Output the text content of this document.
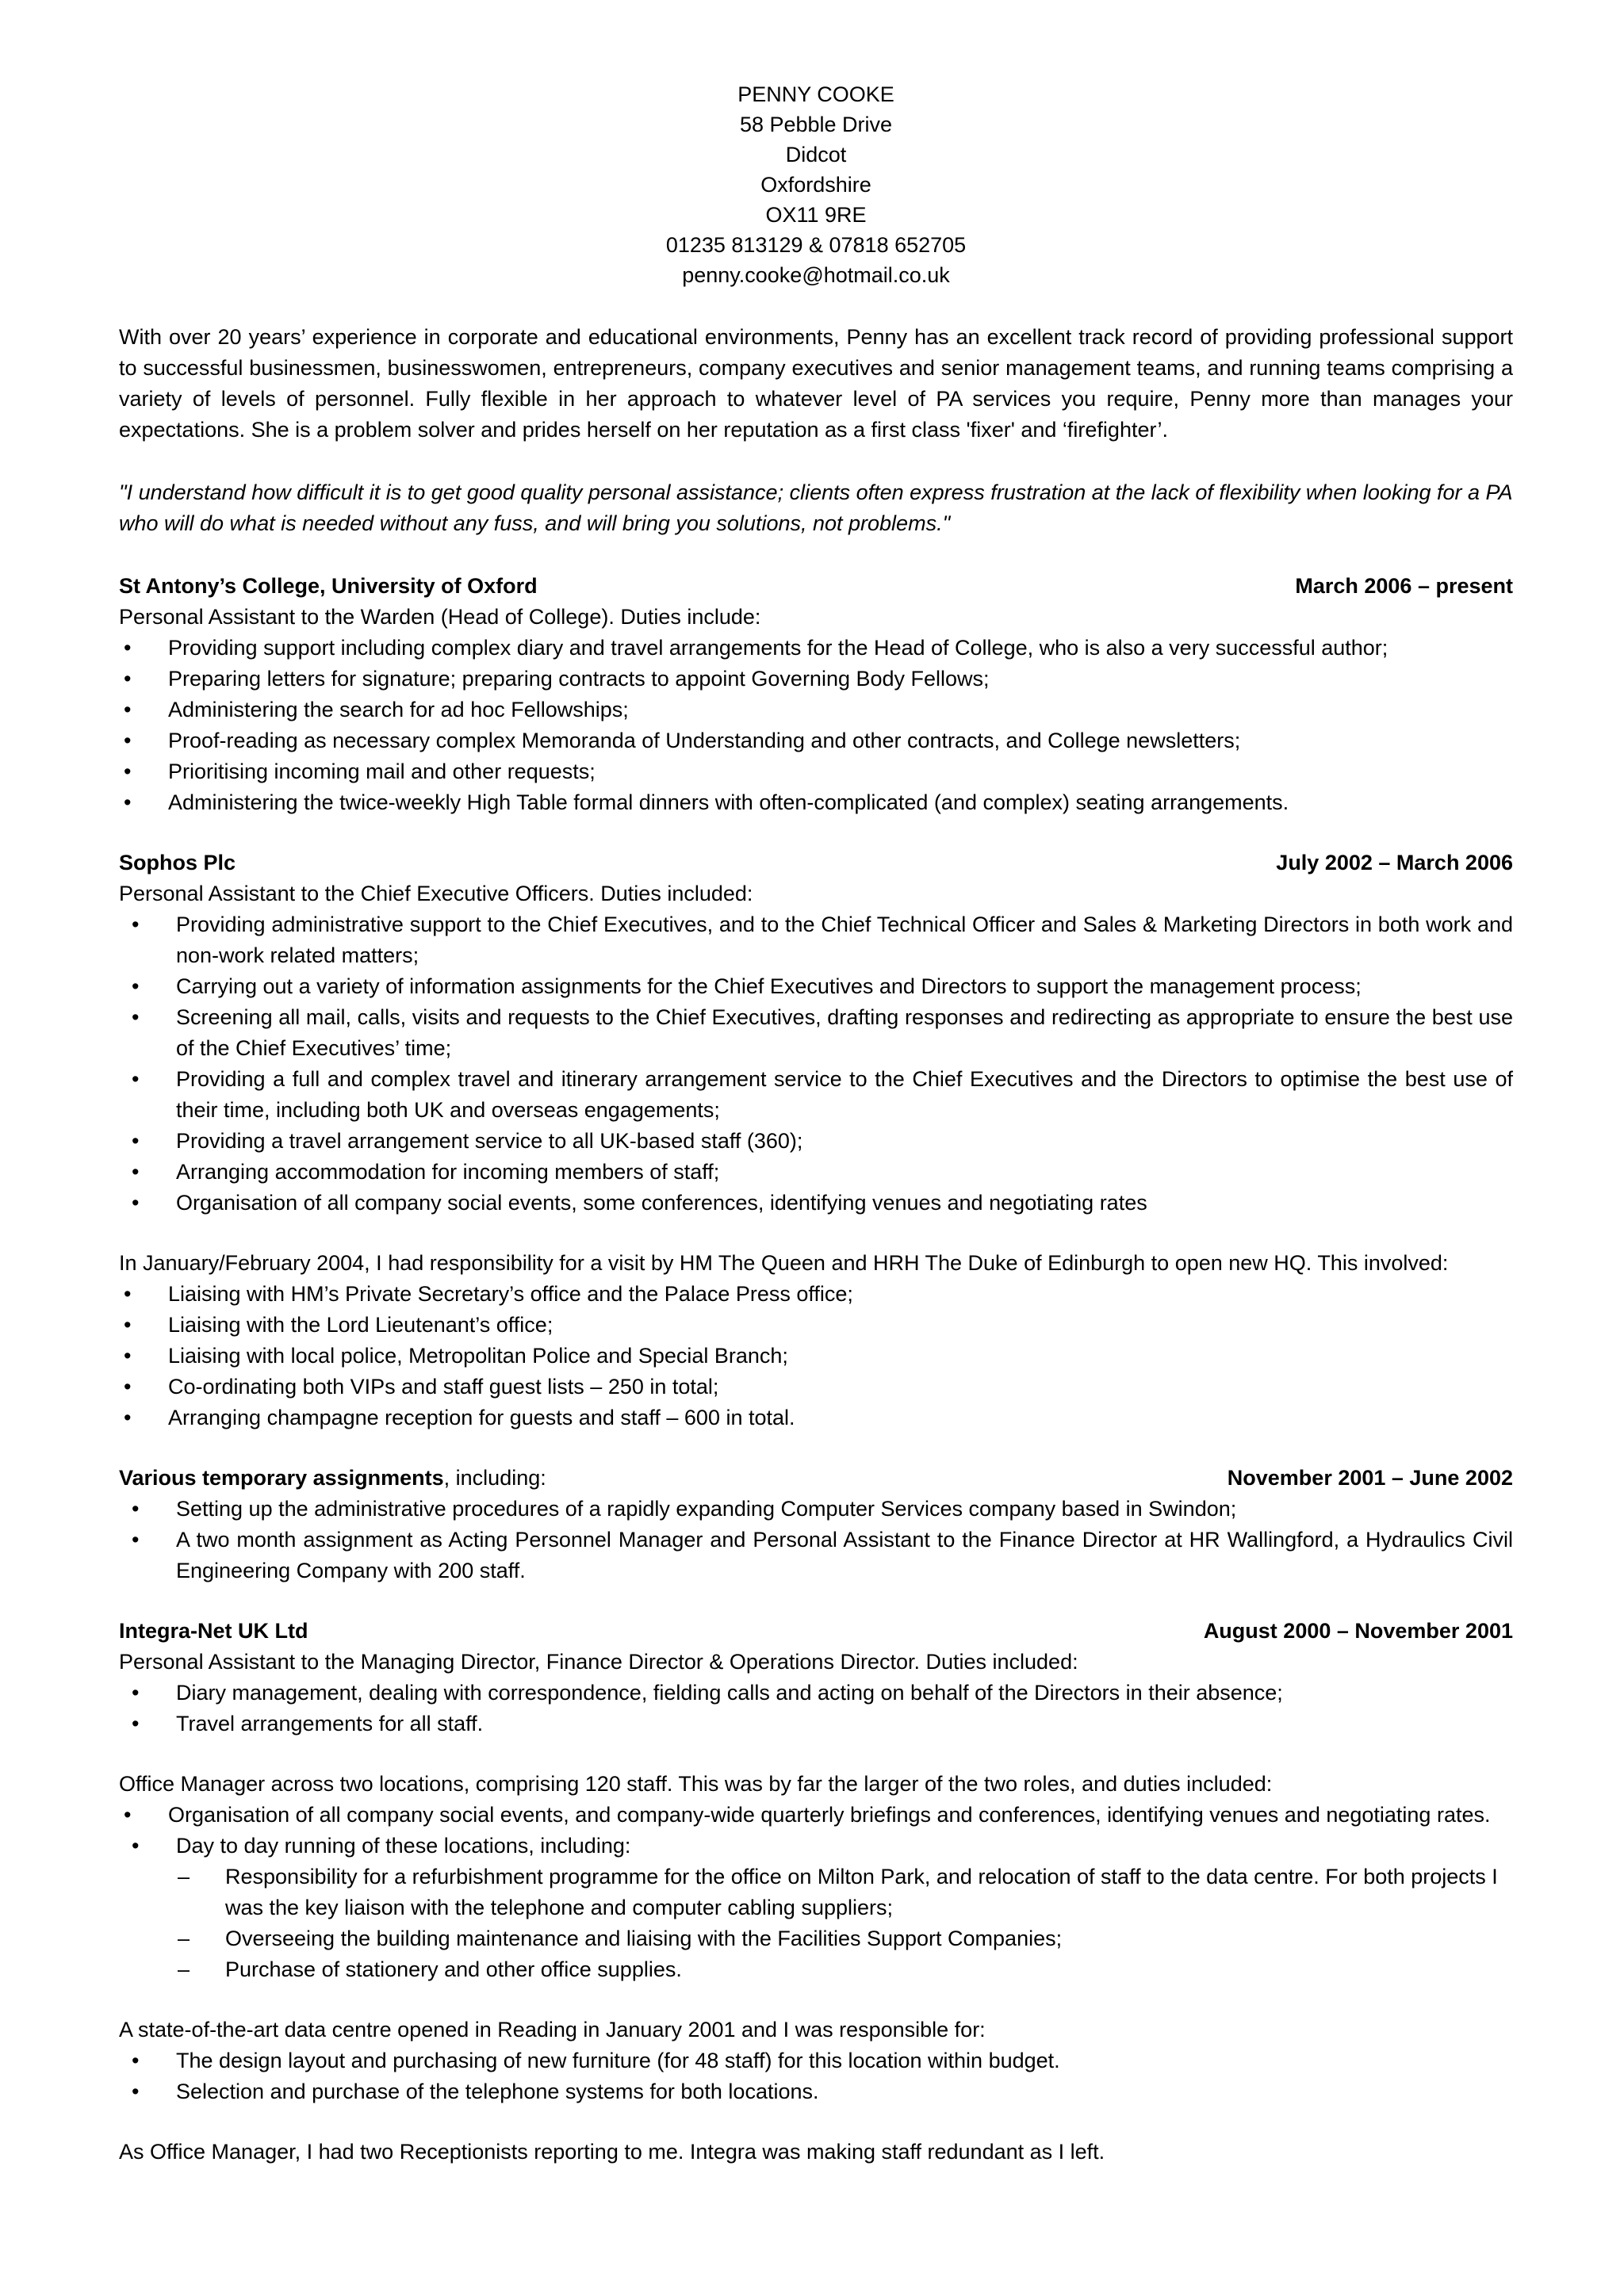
PENNY COOKE
58 Pebble Drive
Didcot
Oxfordshire
OX11 9RE
01235 813129 & 07818 652705
penny.cooke@hotmail.co.uk

With over 20 years’ experience in corporate and educational environments, Penny has an excellent track record of providing professional support to successful businessmen, businesswomen, entrepreneurs, company executives and senior management teams, and running teams comprising a variety of levels of personnel. Fully flexible in her approach to whatever level of PA services you require, Penny more than manages your expectations. She is a problem solver and prides herself on her reputation as a first class 'fixer' and ‘firefighter’.

"I understand how difficult it is to get good quality personal assistance; clients often express frustration at the lack of flexibility when looking for a PA who will do what is needed without any fuss, and will bring you solutions, not problems."

St Antony’s College, University of Oxford	March 2006 – present

Personal Assistant to the Warden (Head of College). Duties include:

• Providing support including complex diary and travel arrangements for the Head of College, who is also a very successful author;
• Preparing letters for signature; preparing contracts to appoint Governing Body Fellows;
• Administering the search for ad hoc Fellowships;
• Proof-reading as necessary complex Memoranda of Understanding and other contracts, and College newsletters;
• Prioritising incoming mail and other requests;
• Administering the twice-weekly High Table formal dinners with often-complicated (and complex) seating arrangements.
Sophos Plc	July 2002 – March 2006

Personal Assistant to the Chief Executive Officers. Duties included:

• Providing administrative support to the Chief Executives, and to the Chief Technical Officer and Sales & Marketing Directors in both work and non-work related matters;
• Carrying out a variety of information assignments for the Chief Executives and Directors to support the management process;
• Screening all mail, calls, visits and requests to the Chief Executives, drafting responses and redirecting as appropriate to ensure the best use of the Chief Executives’ time;
• Providing a full and complex travel and itinerary arrangement service to the Chief Executives and the Directors to optimise the best use of their time, including both UK and overseas engagements;
• Providing a travel arrangement service to all UK-based staff (360);
• Arranging accommodation for incoming members of staff;
• Organisation of all company social events, some conferences, identifying venues and negotiating rates

In January/February 2004, I had responsibility for a visit by HM The Queen and HRH The Duke of Edinburgh to open new HQ. This involved:

• Liaising with HM’s Private Secretary’s office and the Palace Press office;
• Liaising with the Lord Lieutenant’s office;
• Liaising with local police, Metropolitan Police and Special Branch;
• Co-ordinating both VIPs and staff guest lists – 250 in total;
• Arranging champagne reception for guests and staff – 600 in total.
Various temporary assignments, including:	November 2001 – June 2002
• Setting up the administrative procedures of a rapidly expanding Computer Services company based in Swindon;
• A two month assignment as Acting Personnel Manager and Personal Assistant to the Finance Director at HR Wallingford, a Hydraulics Civil Engineering Company with 200 staff.
Integra-Net UK Ltd	August 2000 – November 2001

Personal Assistant to the Managing Director, Finance Director & Operations Director. Duties included:

• Diary management, dealing with correspondence, fielding calls and acting on behalf of the Directors in their absence;
• Travel arrangements for all staff.

Office Manager across two locations, comprising 120 staff. This was by far the larger of the two roles, and duties included:

• Organisation of all company social events, and company-wide quarterly briefings and conferences, identifying venues and negotiating rates.
• Day to day running of these locations, including:
– Responsibility for a refurbishment programme for the office on Milton Park, and relocation of staff to the data centre. For both projects I was the key liaison with the telephone and computer cabling suppliers;
– Overseeing the building maintenance and liaising with the Facilities Support Companies;
– Purchase of stationery and other office supplies.

A state-of-the-art data centre opened in Reading in January 2001 and I was responsible for:

• The design layout and purchasing of new furniture (for 48 staff) for this location within budget.
• Selection and purchase of the telephone systems for both locations.

As Office Manager, I had two Receptionists reporting to me. Integra was making staff redundant as I left.
